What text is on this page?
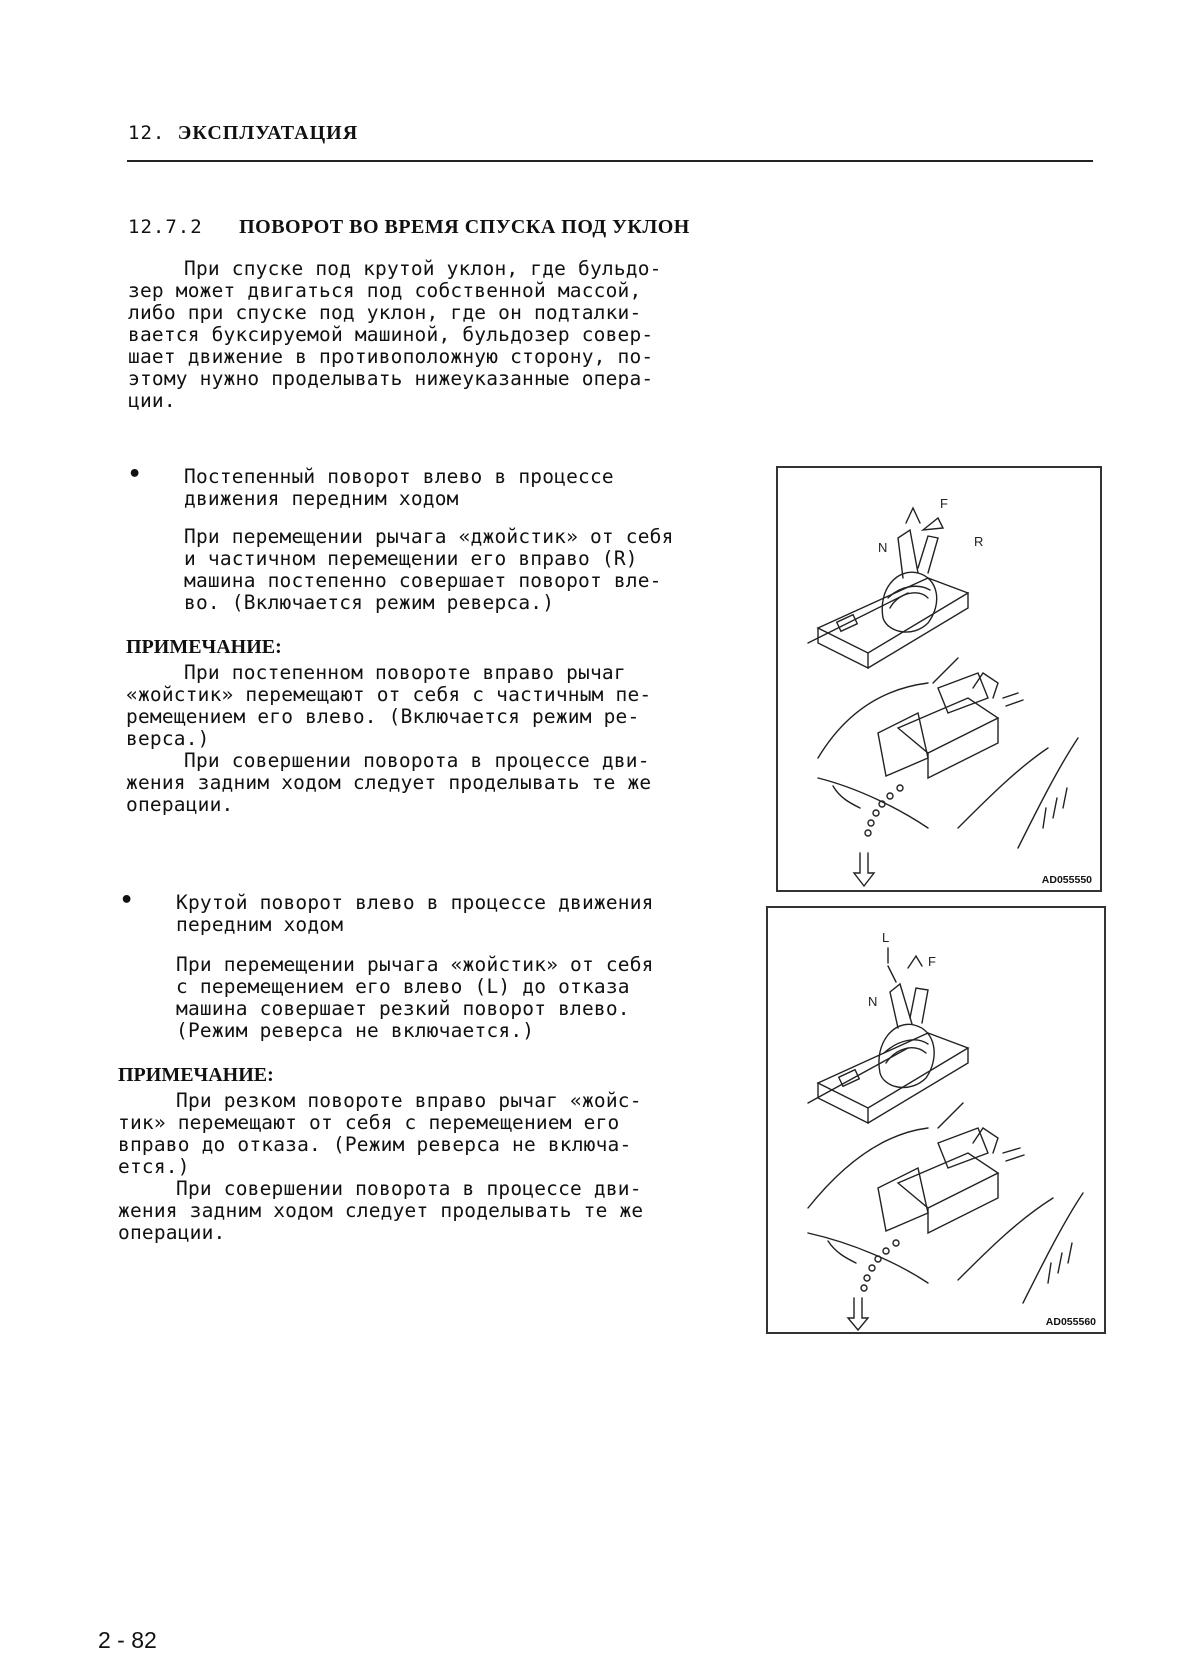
12. ЭКСПЛУАТАЦИЯ
12.7.2 ПОВОРОТ ВО ВРЕМЯ СПУСКА ПОД УКЛОН
При спуске под крутой уклон, где бульдо-
зер может двигаться под собственной массой,
либо при спуске под уклон, где он подталки-
вается буксируемой машиной, бульдозер совер-
шает движение в противоположную сторону, по-
этому нужно проделывать нижеуказанные опера-
ции.
• Постепенный поворот влево в процессе
движения передним ходом
При перемещении рычага «джойстик» от себя
и частичном перемещении его вправо (R)
машина постепенно совершает поворот вле-
во. (Включается режим реверса.)
ПРИМЕЧАНИЕ:
При постепенном повороте вправо рычаг
«жойстик» перемещают от себя с частичным пе-
ремещением его влево. (Включается режим ре-
верса.)
При совершении поворота в процессе дви-
жения задним ходом следует проделывать те же
операции.
F
N	R
AD055550
• Крутой поворот влево в процессе движения
передним ходом
При перемещении рычага «жойстик» от себя
с перемещением его влево (L) до отказа
машина совершает резкий поворот влево.
(Режим реверса не включается.)
ПРИМЕЧАНИЕ:
При резком повороте вправо рычаг «жойс-
тик» перемещают от себя с перемещением его
вправо до отказа. (Режим реверса не включа-
ется.)
При совершении поворота в процессе дви-
жения задним ходом следует проделывать те же
операции.
L
F
N
AD055560
2 - 82
